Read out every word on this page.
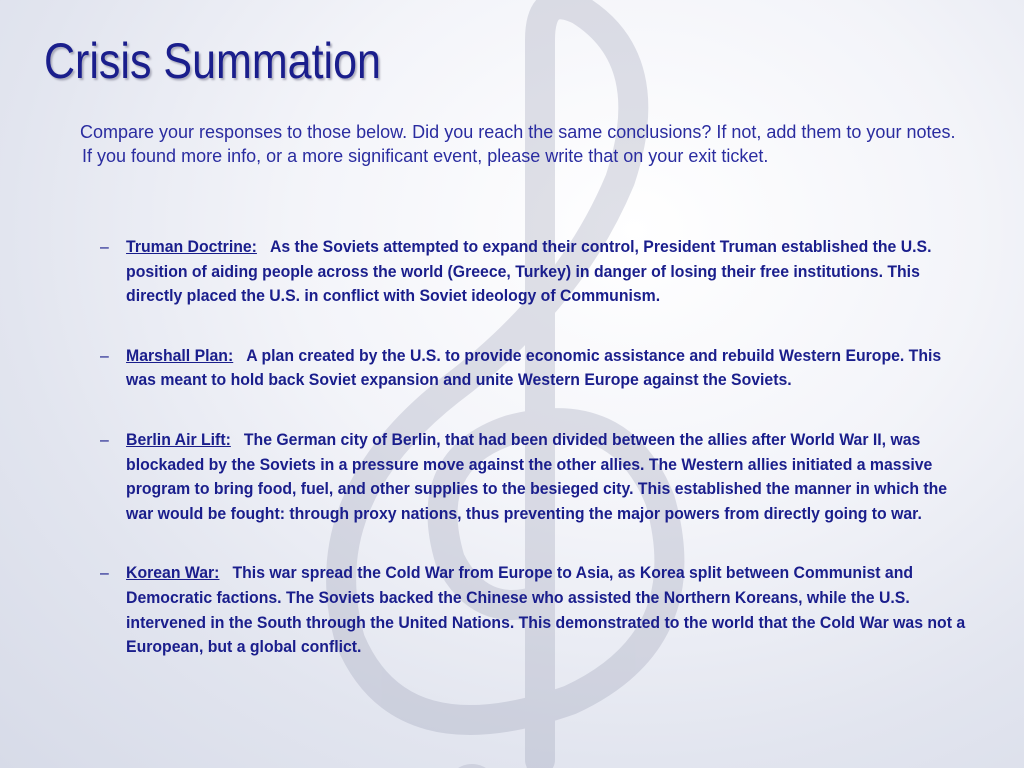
Crisis Summation

Compare your responses to those below. Did you reach the same conclusions? If not, add them to your notes. If you found more info, or a more significant event, please write that on your exit ticket.

– Truman Doctrine: As the Soviets attempted to expand their control, President Truman established the U.S. position of aiding people across the world (Greece, Turkey) in danger of losing their free institutions. This directly placed the U.S. in conflict with Soviet ideology of Communism.
– Marshall Plan: A plan created by the U.S. to provide economic assistance and rebuild Western Europe. This was meant to hold back Soviet expansion and unite Western Europe against the Soviets.
– Berlin Air Lift: The German city of Berlin, that had been divided between the allies after World War II, was blockaded by the Soviets in a pressure move against the other allies. The Western allies initiated a massive program to bring food, fuel, and other supplies to the besieged city. This established the manner in which the war would be fought: through proxy nations, thus preventing the major powers from directly going to war.
– Korean War: This war spread the Cold War from Europe to Asia, as Korea split between Communist and Democratic factions. The Soviets backed the Chinese who assisted the Northern Koreans, while the U.S. intervened in the South through the United Nations. This demonstrated to the world that the Cold War was not a European, but a global conflict.
